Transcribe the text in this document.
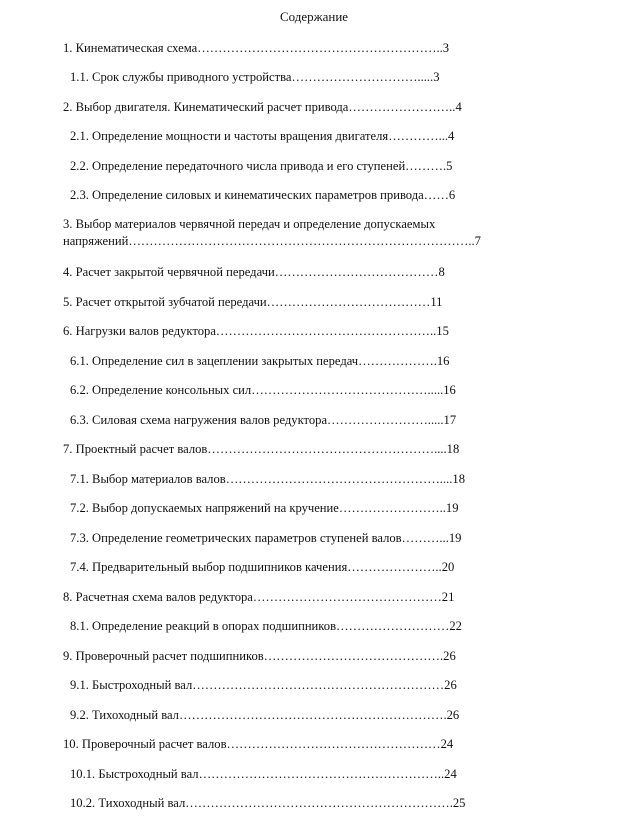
Содержание
1. Кинематическая схема…………………………………………………..3
1.1. Срок службы приводного устройства………………………….....3
2. Выбор двигателя. Кинематический расчет привода……………………..4
2.1. Определение мощности и частоты вращения двигателя…………...4
2.2. Определение передаточного числа привода и его ступеней……….5
2.3. Определение силовых и кинематических параметров привода……6
3. Выбор материалов червячной передач и определение допускаемых напряжений………………………………………………………………………..7
4. Расчет закрытой червячной передачи…………………………………8
5. Расчет открытой зубчатой передачи…………………………………11
6. Нагрузки валов редуктора……………………………………………..15
6.1. Определение сил в зацеплении закрытых передач……………….16
6.2. Определение консольных сил…………………………………….....16
6.3. Силовая схема нагружения валов редуктора…………………….....17
7. Проектный расчет валов………………………………………………....18
7.1. Выбор материалов валов……………………………………………....18
7.2. Выбор допускаемых напряжений на кручение……………………..19
7.3. Определение геометрических параметров ступеней валов………...19
7.4. Предварительный выбор подшипников качения…………………..20
8. Расчетная схема валов редуктора………………………………………21
8.1. Определение реакций в опорах подшипников………………………22
9. Проверочный расчет подшипников…………………………………….26
9.1. Быстроходный вал……………………………………………………26
9.2. Тихоходный вал……………………………………………………….26
10. Проверочный расчет валов……………………………………………24
10.1. Быстроходный вал…………………………………………………..24
10.2. Тихоходный вал……………………………………………………….25
